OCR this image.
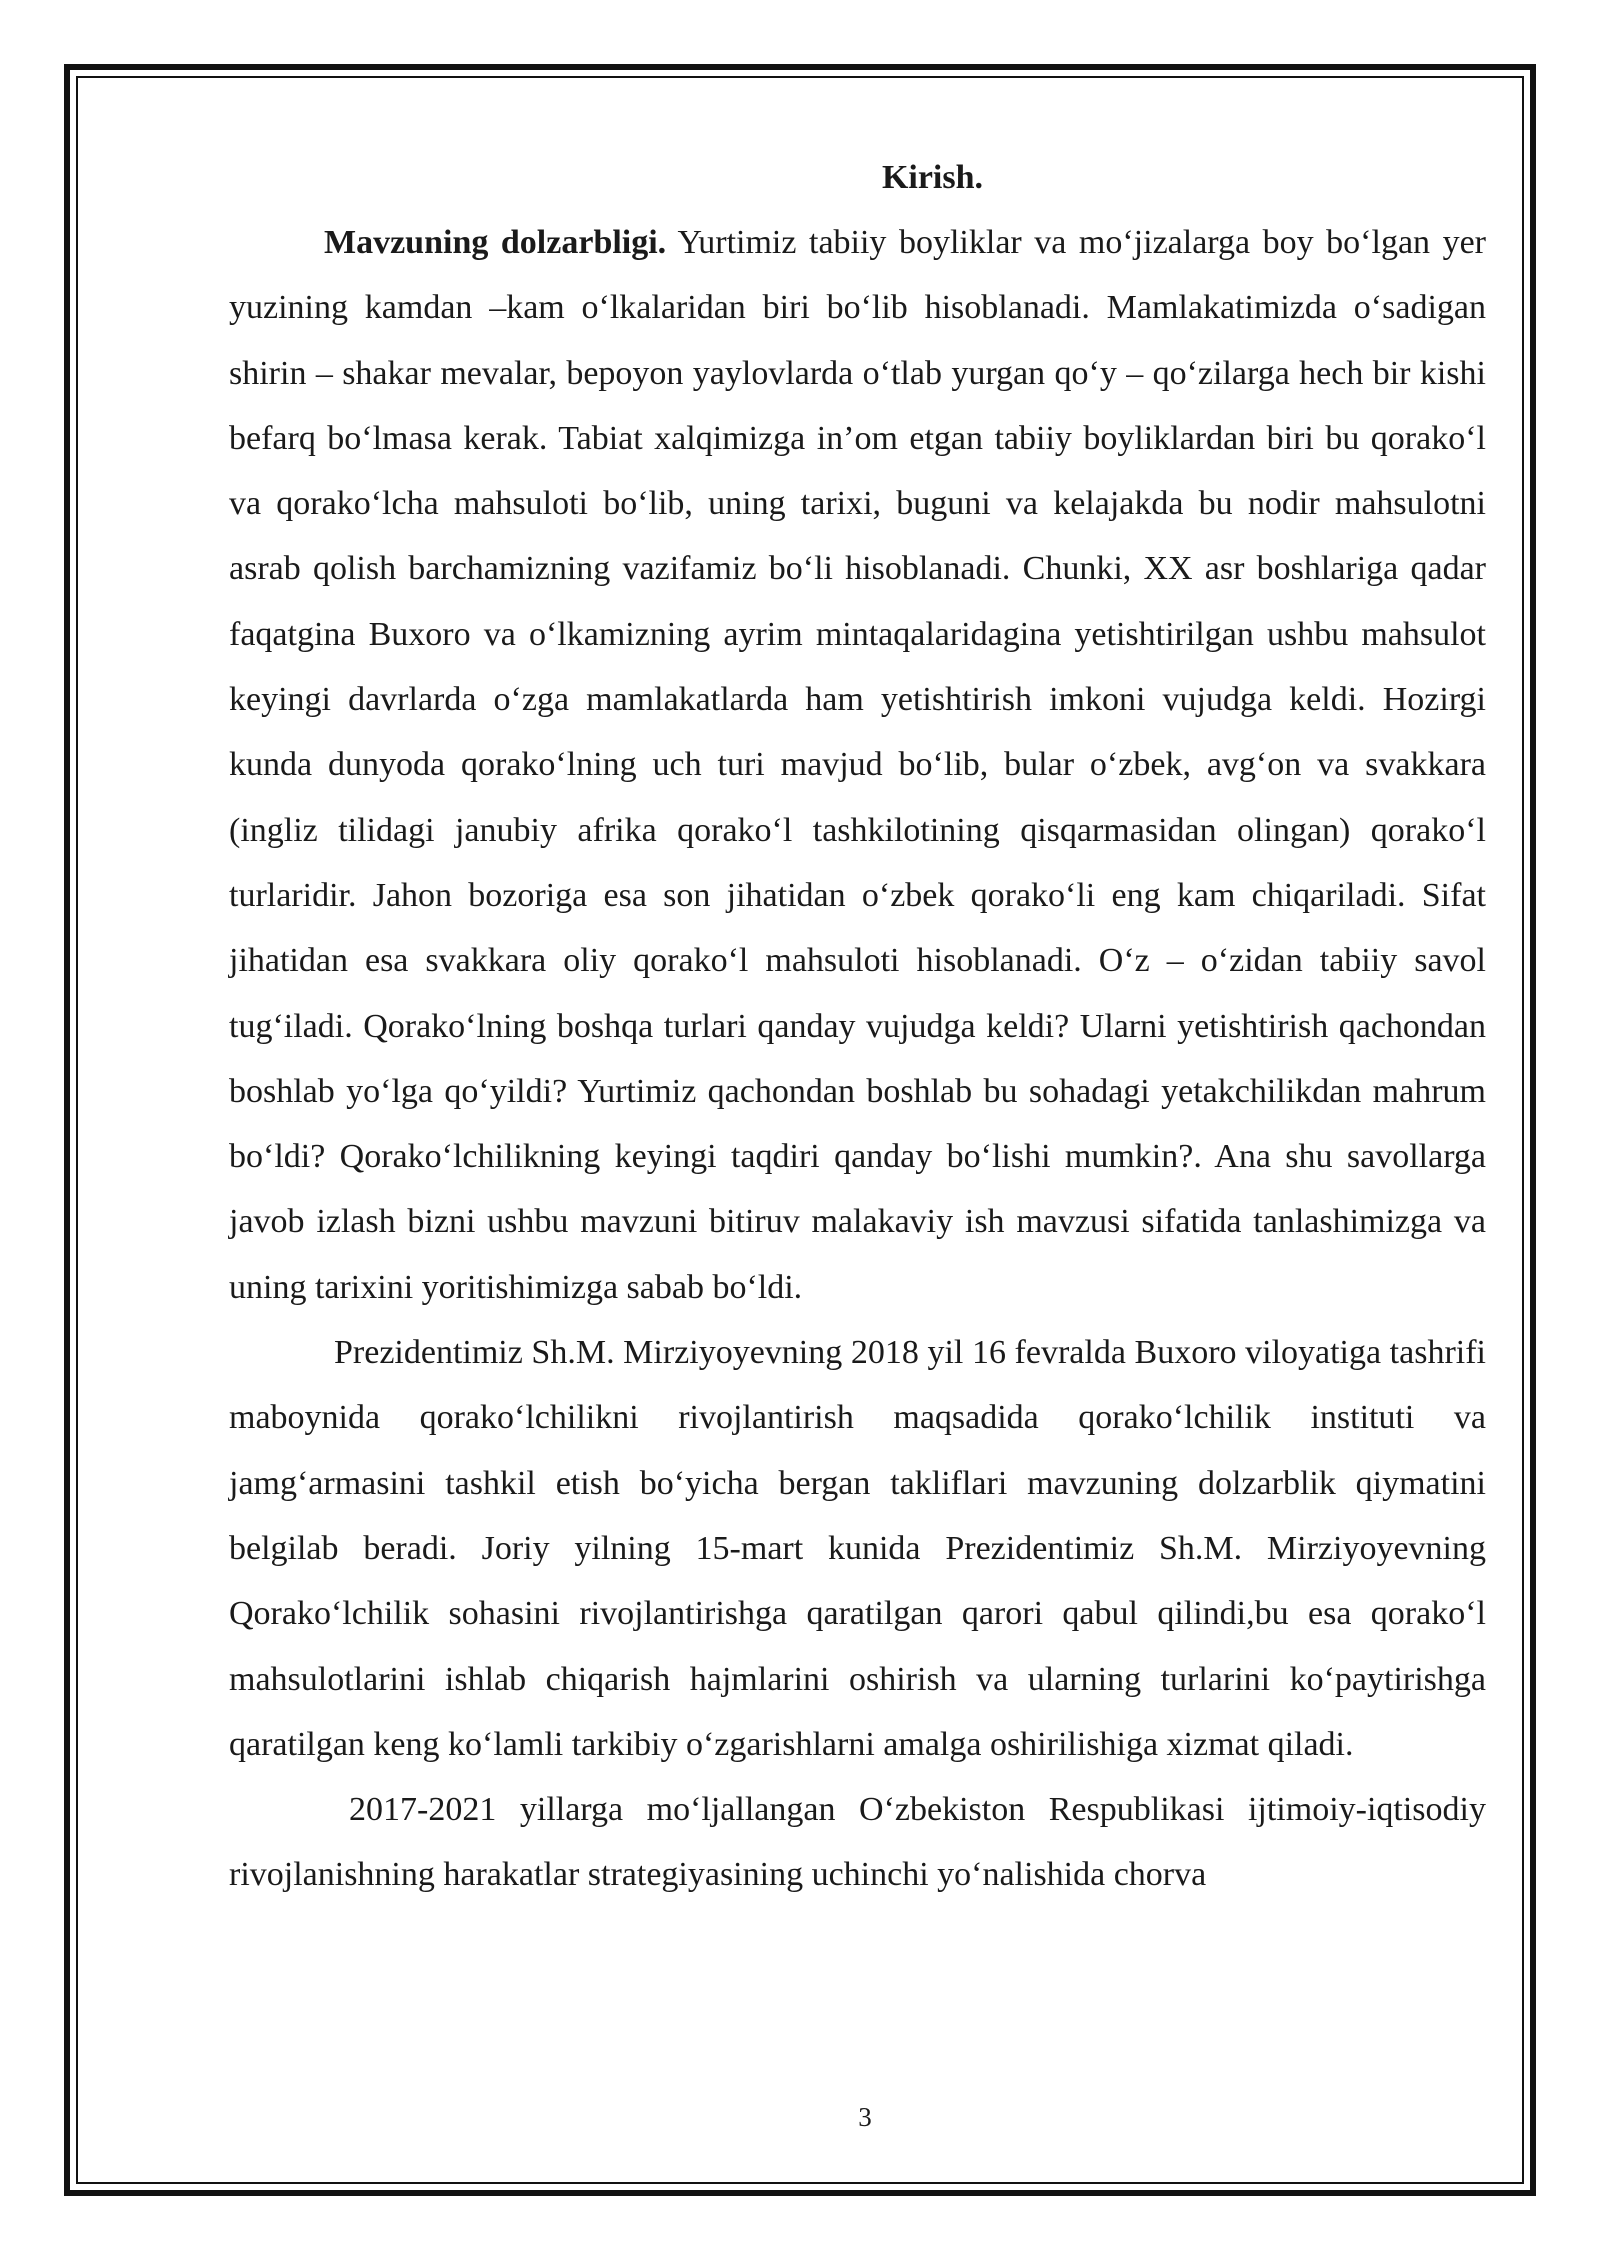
Kirish.

Mavzuning dolzarbligi. Yurtimiz tabiiy boyliklar va mo‘jizalarga boy bo‘lgan yer yuzining kamdan –kam o‘lkalaridan biri bo‘lib hisoblanadi. Mamlakatimizda o‘sadigan shirin – shakar mevalar, bepoyon yaylovlarda o‘tlab yurgan qo‘y – qo‘zilarga hech bir kishi befarq bo‘lmasa kerak. Tabiat xalqimizga in’om etgan tabiiy boyliklardan biri bu qorako‘l va qorako‘lcha mahsuloti bo‘lib, uning tarixi, buguni va kelajakda bu nodir mahsulotni asrab qolish barchamizning vazifamiz bo‘li hisoblanadi. Chunki, XX asr boshlariga qadar faqatgina Buxoro va o‘lkamizning ayrim mintaqalaridagina yetishtirilgan ushbu mahsulot keyingi davrlarda o‘zga mamlakatlarda ham yetishtirish imkoni vujudga keldi. Hozirgi kunda dunyoda qorako‘lning uch turi mavjud bo‘lib, bular o‘zbek, avg‘on va svakkara (ingliz tilidagi janubiy afrika qorako‘l tashkilotining qisqarmasidan olingan) qorako‘l turlaridir. Jahon bozoriga esa son jihatidan o‘zbek qorako‘li eng kam chiqariladi. Sifat jihatidan esa svakkara oliy qorako‘l mahsuloti hisoblanadi. O‘z – o‘zidan tabiiy savol tug‘iladi. Qorako‘lning boshqa turlari qanday vujudga keldi? Ularni yetishtirish qachondan boshlab yo‘lga qo‘yildi? Yurtimiz qachondan boshlab bu sohadagi yetakchilikdan mahrum bo‘ldi? Qorako‘lchilikning keyingi taqdiri qanday bo‘lishi mumkin?. Ana shu savollarga javob izlash bizni ushbu mavzuni bitiruv malakaviy ish mavzusi sifatida tanlashimizga va uning tarixini yoritishimizga sabab bo‘ldi.

Prezidentimiz Sh.M. Mirziyoyevning 2018 yil 16 fevralda Buxoro viloyatiga tashrifi maboynida qorako‘lchilikni rivojlantirish maqsadida qorako‘lchilik instituti va jamg‘armasini tashkil etish bo‘yicha bergan takliflari mavzuning dolzarblik qiymatini belgilab beradi. Joriy yilning 15-mart kunida Prezidentimiz Sh.M. Mirziyoyevning Qorako‘lchilik sohasini rivojlantirishga qaratilgan qarori qabul qilindi,bu esa qorako‘l mahsulotlarini ishlab chiqarish hajmlarini oshirish va ularning turlarini ko‘paytirishga qaratilgan keng ko‘lamli tarkibiy o‘zgarishlarni amalga oshirilishiga xizmat qiladi.

2017-2021 yillarga mo‘ljallangan O‘zbekiston Respublikasi ijtimoiy-iqtisodiy rivojlanishning harakatlar strategiyasining uchinchi yo‘nalishida chorva

3
